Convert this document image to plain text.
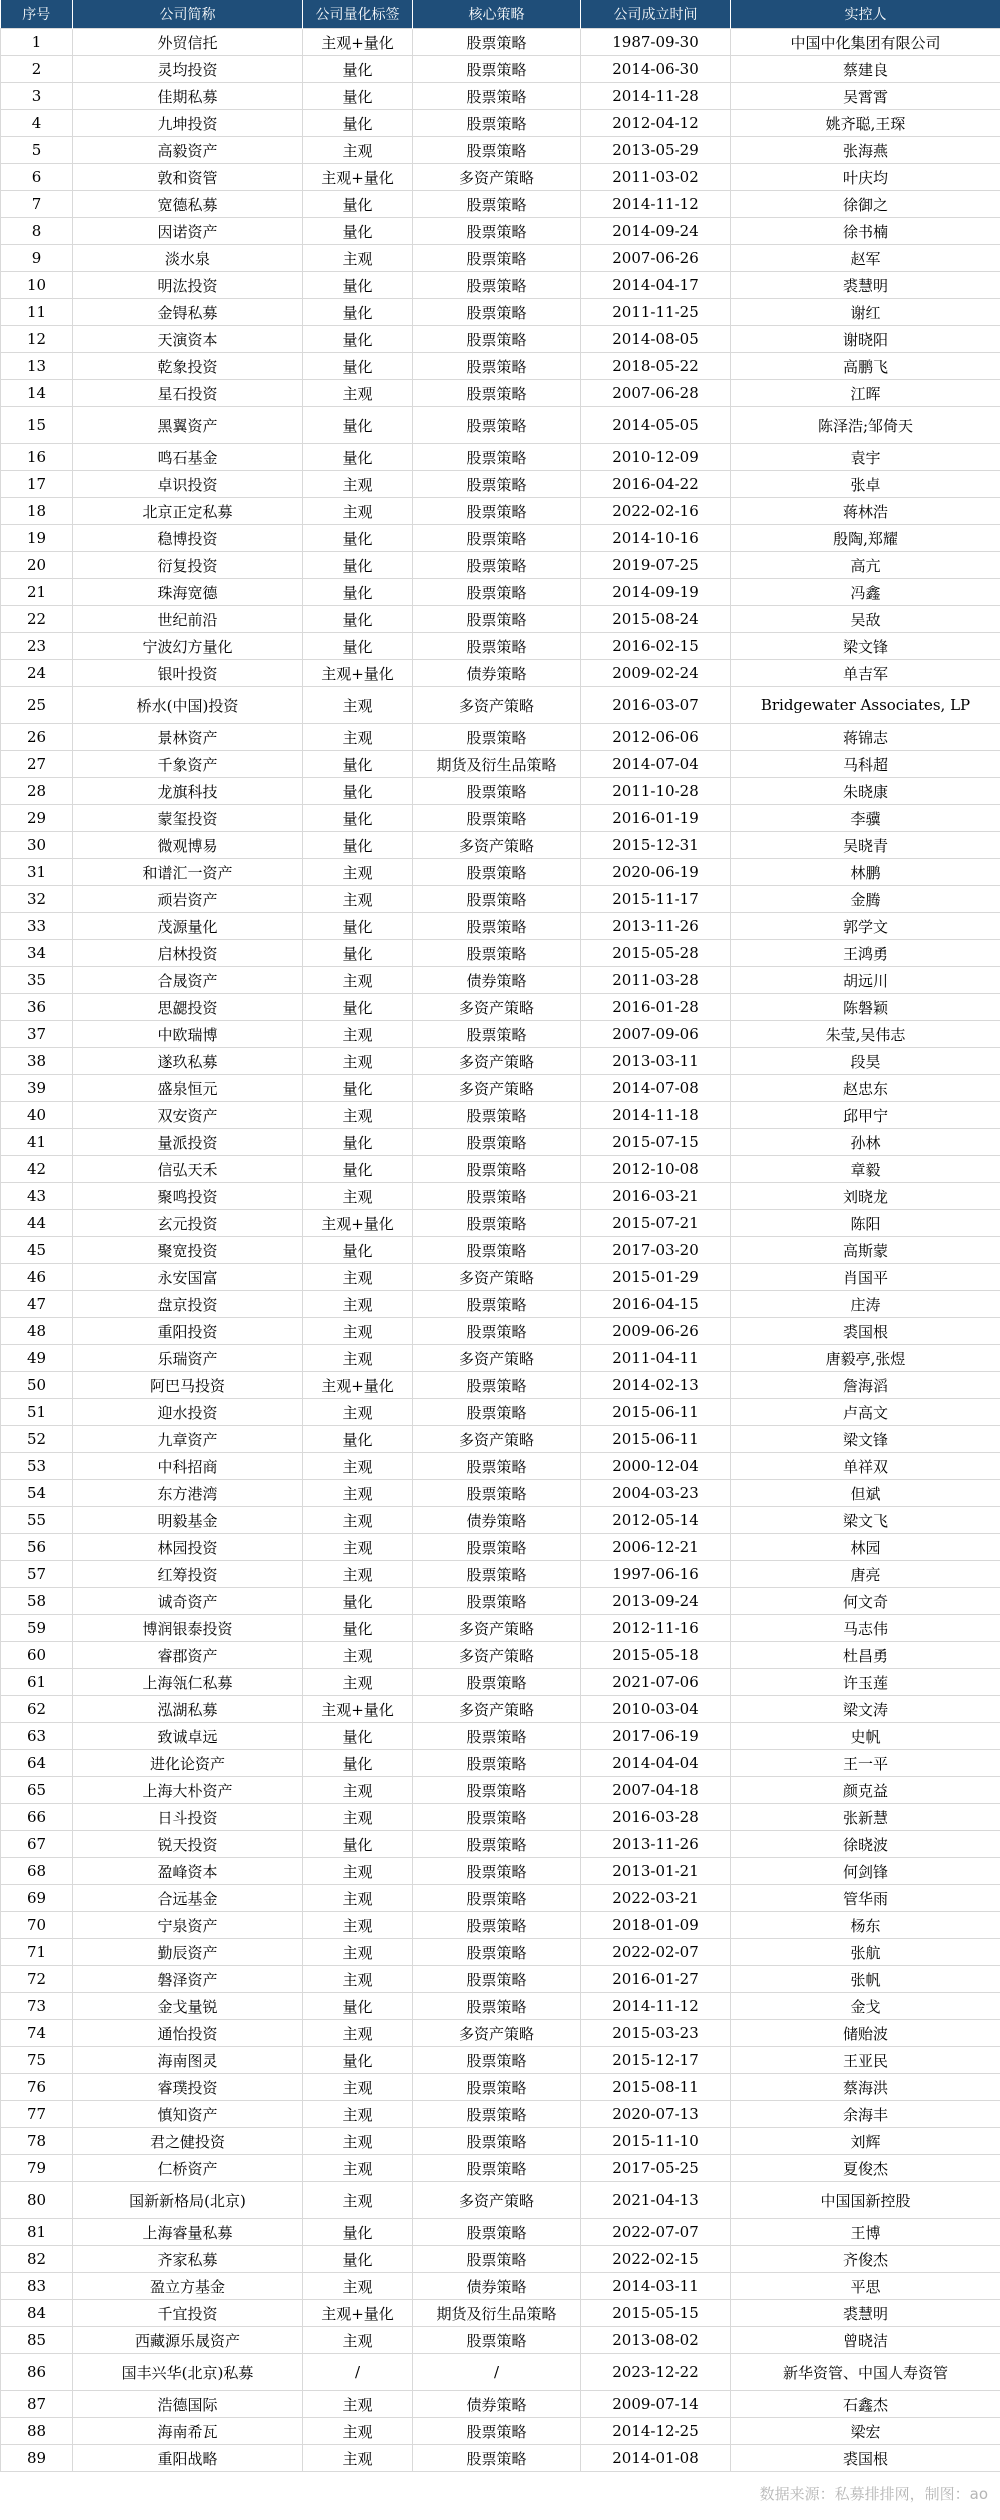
序号	公司简称	公司量化标签	核心策略	公司成立时间	实控人
1	外贸信托	主观+量化	股票策略	1987-09-30	中国中化集团有限公司
2	灵均投资	量化	股票策略	2014-06-30	蔡建良
3	佳期私募	量化	股票策略	2014-11-28	吴霄霄
4	九坤投资	量化	股票策略	2012-04-12	姚齐聪,王琛
5	高毅资产	主观	股票策略	2013-05-29	张海燕
6	敦和资管	主观+量化	多资产策略	2011-03-02	叶庆均
7	宽德私募	量化	股票策略	2014-11-12	徐御之
8	因诺资产	量化	股票策略	2014-09-24	徐书楠
9	淡水泉	主观	股票策略	2007-06-26	赵军
10	明汯投资	量化	股票策略	2014-04-17	裘慧明
11	金锝私募	量化	股票策略	2011-11-25	谢红
12	天演资本	量化	股票策略	2014-08-05	谢晓阳
13	乾象投资	量化	股票策略	2018-05-22	高鹏飞
14	星石投资	主观	股票策略	2007-06-28	江晖
15	黑翼资产	量化	股票策略	2014-05-05	陈泽浩;邹倚天
16	鸣石基金	量化	股票策略	2010-12-09	袁宇
17	卓识投资	主观	股票策略	2016-04-22	张卓
18	北京正定私募	主观	股票策略	2022-02-16	蒋林浩
19	稳博投资	量化	股票策略	2014-10-16	殷陶,郑耀
20	衍复投资	量化	股票策略	2019-07-25	高亢
21	珠海宽德	量化	股票策略	2014-09-19	冯鑫
22	世纪前沿	量化	股票策略	2015-08-24	吴敌
23	宁波幻方量化	量化	股票策略	2016-02-15	梁文锋
24	银叶投资	主观+量化	债券策略	2009-02-24	单吉军
25	桥水(中国)投资	主观	多资产策略	2016-03-07	Bridgewater Associates, LP
26	景林资产	主观	股票策略	2012-06-06	蒋锦志
27	千象资产	量化	期货及衍生品策略	2014-07-04	马科超
28	龙旗科技	量化	股票策略	2011-10-28	朱晓康
29	蒙玺投资	量化	股票策略	2016-01-19	李骥
30	微观博易	量化	多资产策略	2015-12-31	吴晓青
31	和谱汇一资产	主观	股票策略	2020-06-19	林鹏
32	顽岩资产	主观	股票策略	2015-11-17	金腾
33	茂源量化	量化	股票策略	2013-11-26	郭学文
34	启林投资	量化	股票策略	2015-05-28	王鸿勇
35	合晟资产	主观	债券策略	2011-03-28	胡远川
36	思勰投资	量化	多资产策略	2016-01-28	陈磐颖
37	中欧瑞博	主观	股票策略	2007-09-06	朱莹,吴伟志
38	遂玖私募	主观	多资产策略	2013-03-11	段昊
39	盛泉恒元	量化	多资产策略	2014-07-08	赵忠东
40	双安资产	主观	股票策略	2014-11-18	邱甲宁
41	量派投资	量化	股票策略	2015-07-15	孙林
42	信弘天禾	量化	股票策略	2012-10-08	章毅
43	聚鸣投资	主观	股票策略	2016-03-21	刘晓龙
44	玄元投资	主观+量化	股票策略	2015-07-21	陈阳
45	聚宽投资	量化	股票策略	2017-03-20	高斯蒙
46	永安国富	主观	多资产策略	2015-01-29	肖国平
47	盘京投资	主观	股票策略	2016-04-15	庄涛
48	重阳投资	主观	股票策略	2009-06-26	裘国根
49	乐瑞资产	主观	多资产策略	2011-04-11	唐毅亭,张煜
50	阿巴马投资	主观+量化	股票策略	2014-02-13	詹海滔
51	迎水投资	主观	股票策略	2015-06-11	卢高文
52	九章资产	量化	多资产策略	2015-06-11	梁文锋
53	中科招商	主观	股票策略	2000-12-04	单祥双
54	东方港湾	主观	股票策略	2004-03-23	但斌
55	明毅基金	主观	债券策略	2012-05-14	梁文飞
56	林园投资	主观	股票策略	2006-12-21	林园
57	红筹投资	主观	股票策略	1997-06-16	唐亮
58	诚奇资产	量化	股票策略	2013-09-24	何文奇
59	博润银泰投资	量化	多资产策略	2012-11-16	马志伟
60	睿郡资产	主观	多资产策略	2015-05-18	杜昌勇
61	上海瓴仁私募	主观	股票策略	2021-07-06	许玉莲
62	泓湖私募	主观+量化	多资产策略	2010-03-04	梁文涛
63	致诚卓远	量化	股票策略	2017-06-19	史帆
64	进化论资产	量化	股票策略	2014-04-04	王一平
65	上海大朴资产	主观	股票策略	2007-04-18	颜克益
66	日斗投资	主观	股票策略	2016-03-28	张新慧
67	锐天投资	量化	股票策略	2013-11-26	徐晓波
68	盈峰资本	主观	股票策略	2013-01-21	何剑锋
69	合远基金	主观	股票策略	2022-03-21	管华雨
70	宁泉资产	主观	股票策略	2018-01-09	杨东
71	勤辰资产	主观	股票策略	2022-02-07	张航
72	磐泽资产	主观	股票策略	2016-01-27	张帆
73	金戈量锐	量化	股票策略	2014-11-12	金戈
74	通怡投资	主观	多资产策略	2015-03-23	储贻波
75	海南图灵	量化	股票策略	2015-12-17	王亚民
76	睿璞投资	主观	股票策略	2015-08-11	蔡海洪
77	慎知资产	主观	股票策略	2020-07-13	余海丰
78	君之健投资	主观	股票策略	2015-11-10	刘辉
79	仁桥资产	主观	股票策略	2017-05-25	夏俊杰
80	国新新格局(北京)	主观	多资产策略	2021-04-13	中国国新控股
81	上海睿量私募	量化	股票策略	2022-07-07	王博
82	齐家私募	量化	股票策略	2022-02-15	齐俊杰
83	盈立方基金	主观	债券策略	2014-03-11	平思
84	千宜投资	主观+量化	期货及衍生品策略	2015-05-15	裘慧明
85	西藏源乐晟资产	主观	股票策略	2013-08-02	曾晓洁
86	国丰兴华(北京)私募	/	/	2023-12-22	新华资管、中国人寿资管
87	浩德国际	主观	债券策略	2009-07-14	石鑫杰
88	海南希瓦	主观	股票策略	2014-12-25	梁宏
89	重阳战略	主观	股票策略	2014-01-08	裘国根
数据来源：私募排排网，制图：ao
